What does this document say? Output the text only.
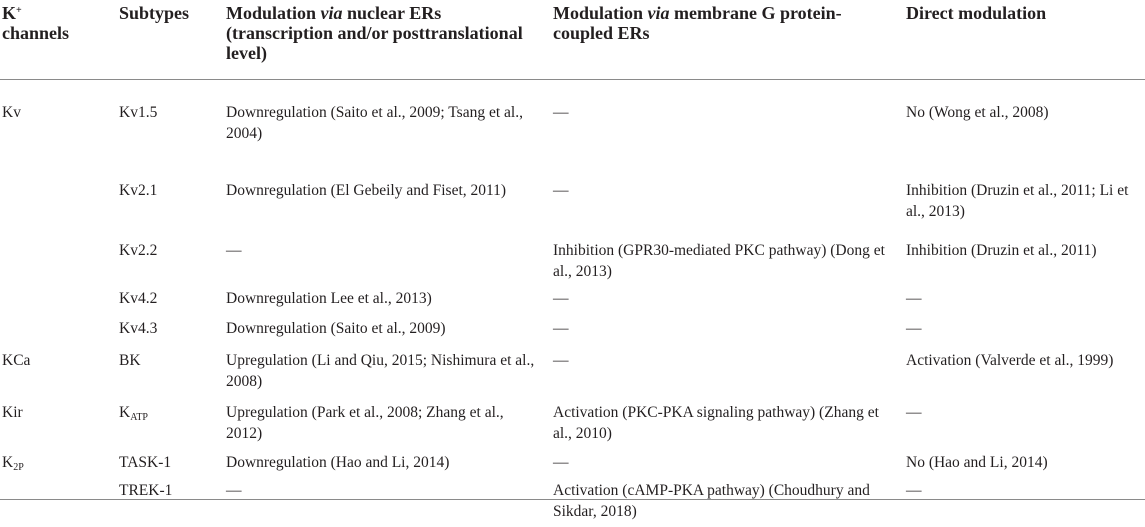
K+
channels	Subtypes	Modulation via nuclear ERs (transcription and/or posttranslational level)	Modulation via membrane G protein-coupled ERs	Direct modulation
Kv	Kv1.5	Downregulation (Saito et al., 2009; Tsang et al., 2004)	—	No (Wong et al., 2008)
	Kv2.1	Downregulation (El Gebeily and Fiset, 2011)	—	Inhibition (Druzin et al., 2011; Li et al., 2013)
	Kv2.2	—	Inhibition (GPR30-mediated PKC pathway) (Dong et al., 2013)	Inhibition (Druzin et al., 2011)
	Kv4.2	Downregulation Lee et al., 2013)	—	—
	Kv4.3	Downregulation (Saito et al., 2009)	—	—
KCa	BK	Upregulation (Li and Qiu, 2015; Nishimura et al., 2008)	—	Activation (Valverde et al., 1999)
Kir	$K_{ATP}$	Upregulation (Park et al., 2008; Zhang et al., 2012)	Activation (PKC-PKA signaling pathway) (Zhang et al., 2010)	—
$K_{2P}$	TASK-1	Downregulation (Hao and Li, 2014)	—	No (Hao and Li, 2014)
	TREK-1	—	Activation (cAMP-PKA pathway) (Choudhury and Sikdar, 2018)	—
